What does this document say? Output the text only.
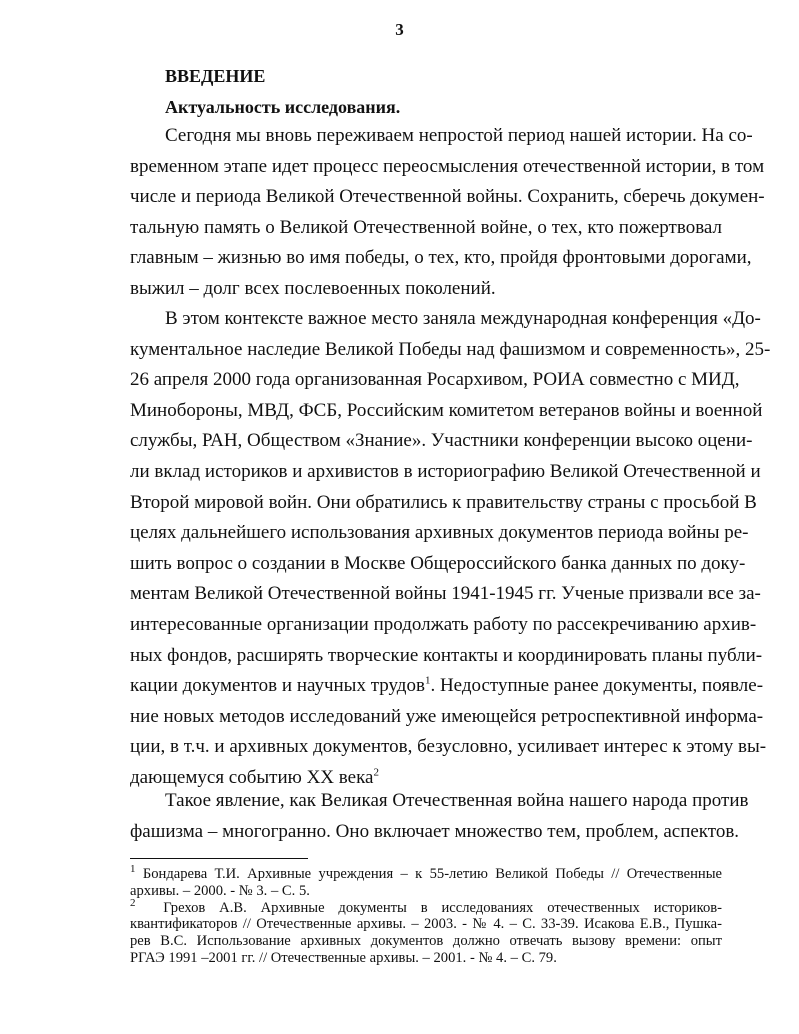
3
ВВЕДЕНИЕ
Актуальность исследования.
Сегодня мы вновь переживаем непростой период нашей истории. На со-
временном этапе идет процесс переосмысления отечественной истории, в том
числе и периода Великой Отечественной войны. Сохранить, сберечь докумен-
тальную память о Великой Отечественной войне, о тех, кто пожертвовал
главным – жизнью во имя победы, о тех, кто, пройдя фронтовыми дорогами,
выжил – долг всех послевоенных поколений.
В этом контексте важное место заняла международная конференция «До-
кументальное наследие Великой Победы над фашизмом и современность», 25-
26 апреля 2000 года организованная Росархивом, РОИА совместно с МИД,
Минобороны, МВД, ФСБ, Российским комитетом ветеранов войны и военной
службы, РАН, Обществом «Знание». Участники конференции высоко оцени-
ли вклад историков и архивистов в историографию Великой Отечественной и
Второй мировой войн. Они обратились к правительству страны с просьбой В
целях дальнейшего использования архивных документов периода войны ре-
шить вопрос о создании в Москве Общероссийского банка данных по доку-
ментам Великой Отечественной войны 1941-1945 гг. Ученые призвали все за-
интересованные организации продолжать работу по рассекречиванию архив-
ных фондов, расширять творческие контакты и координировать планы публи-
кации документов и научных трудов$^1$. Недоступные ранее документы, появле-
ние новых методов исследований уже имеющейся ретроспективной информа-
ции, в т.ч. и архивных документов, безусловно, усиливает интерес к этому вы-
дающемуся событию XX века$^2$
Такое явление, как Великая Отечественная война нашего народа против
фашизма – многогранно. Оно включает множество тем, проблем, аспектов.
$^1$ Бондарева Т.И. Архивные учреждения – к 55-летию Великой Победы // Отечественные
архивы. – 2000. - № 3. – С. 5.
$^2$ Грехов А.В. Архивные документы в исследованиях отечественных историков-
квантификаторов // Отечественные архивы. – 2003. - № 4. – С. 33-39. Исакова Е.В., Пушка-
рев В.С. Использование архивных документов должно отвечать вызову времени: опыт
РГАЭ 1991 –2001 гг. // Отечественные архивы. – 2001. - № 4. – С. 79.
